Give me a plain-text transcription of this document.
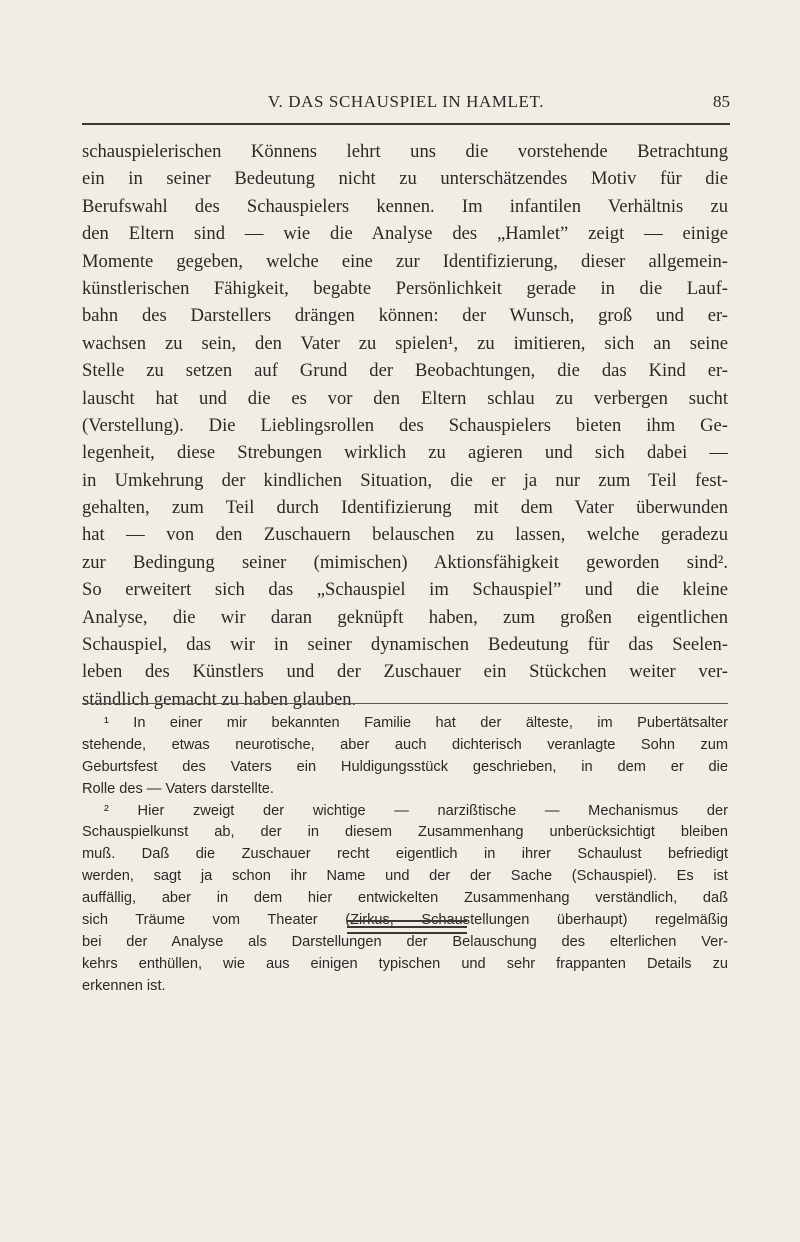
V. DAS SCHAUSPIEL IN HAMLET.	85
schauspielerischen Könnens lehrt uns die vorstehende Betrachtung
ein in seiner Bedeutung nicht zu unterschätzendes Motiv für die
Berufswahl des Schauspielers kennen. Im infantilen Verhältnis zu
den Eltern sind — wie die Analyse des „Hamlet” zeigt — einige
Momente gegeben, welche eine zur Identifizierung, dieser allgemein-
künstlerischen Fähigkeit, begabte Persönlichkeit gerade in die Lauf-
bahn des Darstellers drängen können: der Wunsch, groß und er-
wachsen zu sein, den Vater zu spielen¹, zu imitieren, sich an seine
Stelle zu setzen auf Grund der Beobachtungen, die das Kind er-
lauscht hat und die es vor den Eltern schlau zu verbergen sucht
(Verstellung). Die Lieblingsrollen des Schauspielers bieten ihm Ge-
legenheit, diese Strebungen wirklich zu agieren und sich dabei —
in Umkehrung der kindlichen Situation, die er ja nur zum Teil fest-
gehalten, zum Teil durch Identifizierung mit dem Vater überwunden
hat — von den Zuschauern belauschen zu lassen, welche geradezu
zur Bedingung seiner (mimischen) Aktionsfähigkeit geworden sind².
So erweitert sich das „Schauspiel im Schauspiel” und die kleine
Analyse, die wir daran geknüpft haben, zum großen eigentlichen
Schauspiel, das wir in seiner dynamischen Bedeutung für das Seelen-
leben des Künstlers und der Zuschauer ein Stückchen weiter ver-
ständlich gemacht zu haben glauben.
¹ In einer mir bekannten Familie hat der älteste, im Pubertätsalter
stehende, etwas neurotische, aber auch dichterisch veranlagte Sohn zum
Geburtsfest des Vaters ein Huldigungsstück geschrieben, in dem er die
Rolle des — Vaters darstellte.
² Hier zweigt der wichtige — narzißtische — Mechanismus der
Schauspielkunst ab, der in diesem Zusammenhang unberücksichtigt bleiben
muß. Daß die Zuschauer recht eigentlich in ihrer Schaulust befriedigt
werden, sagt ja schon ihr Name und der der Sache (Schauspiel). Es ist
auffällig, aber in dem hier entwickelten Zusammenhang verständlich, daß
sich Träume vom Theater (Zirkus, Schaustellungen überhaupt) regelmäßig
bei der Analyse als Darstellungen der Belauschung des elterlichen Ver-
kehrs enthüllen, wie aus einigen typischen und sehr frappanten Details zu
erkennen ist.
